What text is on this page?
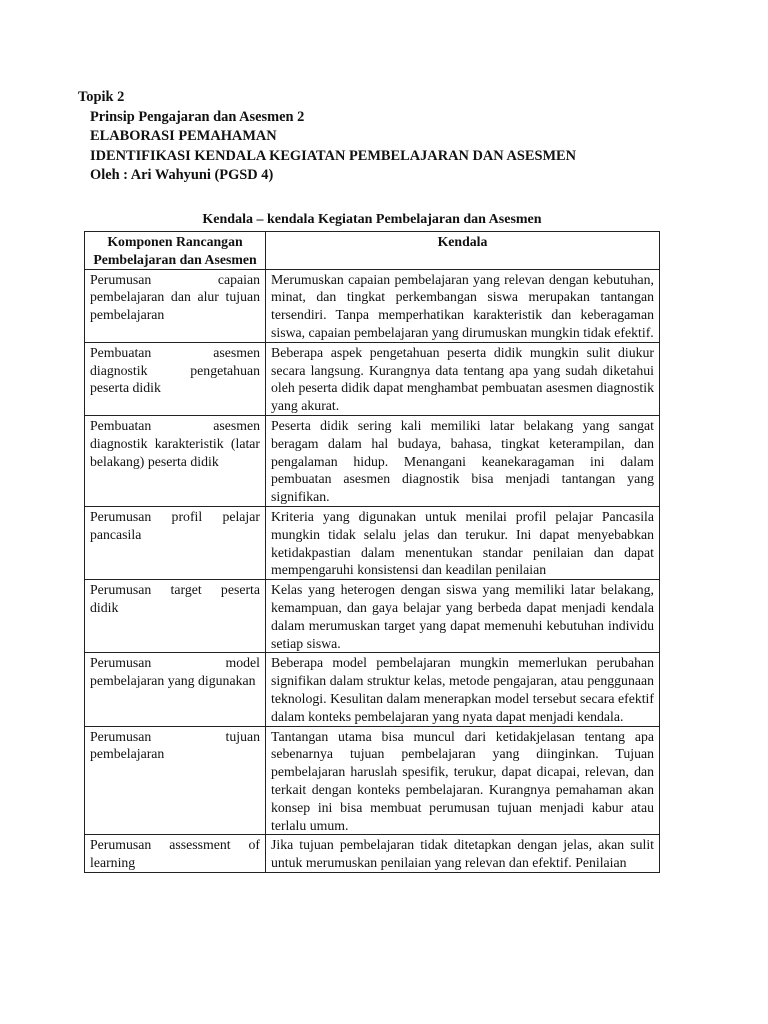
Topik 2
Prinsip Pengajaran dan Asesmen 2
ELABORASI PEMAHAMAN
IDENTIFIKASI KENDALA KEGIATAN PEMBELAJARAN DAN ASESMEN
Oleh : Ari Wahyuni (PGSD 4)
Kendala – kendala Kegiatan Pembelajaran dan Asesmen
Komponen Rancangan Pembelajaran dan Asesmen	Kendala
Perumusan capaian pembelajaran dan alur tujuan pembelajaran	Merumuskan capaian pembelajaran yang relevan dengan kebutuhan, minat, dan tingkat perkembangan siswa merupakan tantangan tersendiri. Tanpa memperhatikan karakteristik dan keberagaman siswa, capaian pembelajaran yang dirumuskan mungkin tidak efektif.
Pembuatan asesmen diagnostik pengetahuan peserta didik	Beberapa aspek pengetahuan peserta didik mungkin sulit diukur secara langsung. Kurangnya data tentang apa yang sudah diketahui oleh peserta didik dapat menghambat pembuatan asesmen diagnostik yang akurat.
Pembuatan asesmen diagnostik karakteristik (latar belakang) peserta didik	Peserta didik sering kali memiliki latar belakang yang sangat beragam dalam hal budaya, bahasa, tingkat keterampilan, dan pengalaman hidup. Menangani keanekaragaman ini dalam pembuatan asesmen diagnostik bisa menjadi tantangan yang signifikan.
Perumusan profil pelajar pancasila	Kriteria yang digunakan untuk menilai profil pelajar Pancasila mungkin tidak selalu jelas dan terukur. Ini dapat menyebabkan ketidakpastian dalam menentukan standar penilaian dan dapat mempengaruhi konsistensi dan keadilan penilaian
Perumusan target peserta didik	Kelas yang heterogen dengan siswa yang memiliki latar belakang, kemampuan, dan gaya belajar yang berbeda dapat menjadi kendala dalam merumuskan target yang dapat memenuhi kebutuhan individu setiap siswa.
Perumusan model pembelajaran yang digunakan	Beberapa model pembelajaran mungkin memerlukan perubahan signifikan dalam struktur kelas, metode pengajaran, atau penggunaan teknologi. Kesulitan dalam menerapkan model tersebut secara efektif dalam konteks pembelajaran yang nyata dapat menjadi kendala.
Perumusan tujuan pembelajaran	Tantangan utama bisa muncul dari ketidakjelasan tentang apa sebenarnya tujuan pembelajaran yang diinginkan. Tujuan pembelajaran haruslah spesifik, terukur, dapat dicapai, relevan, dan terkait dengan konteks pembelajaran. Kurangnya pemahaman akan konsep ini bisa membuat perumusan tujuan menjadi kabur atau terlalu umum.
Perumusan assessment of learning	Jika tujuan pembelajaran tidak ditetapkan dengan jelas, akan sulit untuk merumuskan penilaian yang relevan dan efektif. Penilaian
